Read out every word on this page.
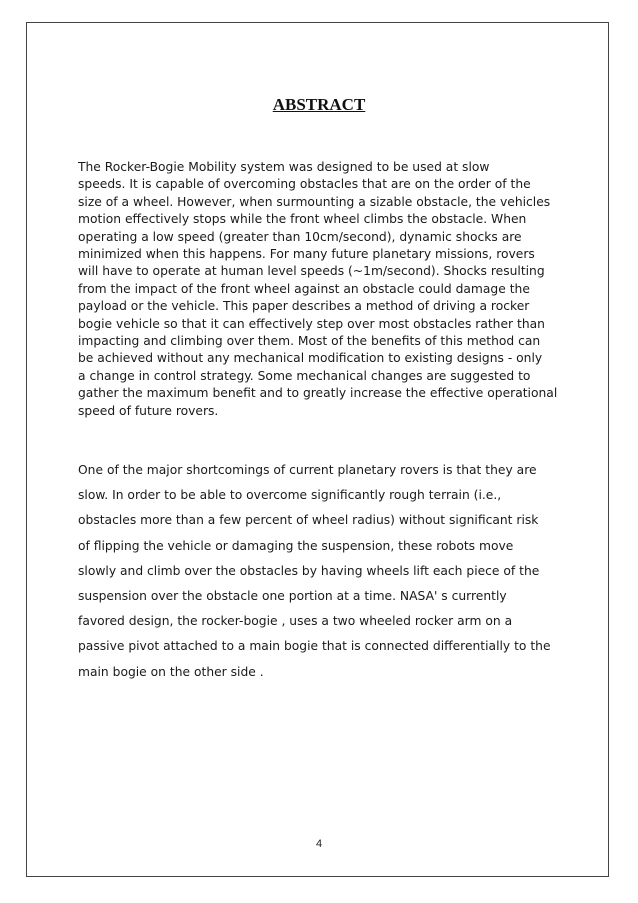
ABSTRACT
The Rocker-Bogie Mobility system was designed to be used at slow
speeds. It is capable of overcoming obstacles that are on the order of the
size of a wheel. However, when surmounting a sizable obstacle, the vehicles
motion effectively stops while the front wheel climbs the obstacle. When
operating a low speed (greater than 10cm/second), dynamic shocks are
minimized when this happens. For many future planetary missions, rovers
will have to operate at human level speeds (~1m/second). Shocks resulting
from the impact of the front wheel against an obstacle could damage the
payload or the vehicle. This paper describes a method of driving a rocker
bogie vehicle so that it can effectively step over most obstacles rather than
impacting and climbing over them. Most of the benefits of this method can
be achieved without any mechanical modification to existing designs - only
a change in control strategy. Some mechanical changes are suggested to
gather the maximum benefit and to greatly increase the effective operational
speed of future rovers.
One of the major shortcomings of current planetary rovers is that they are
slow. In order to be able to overcome significantly rough terrain (i.e.,
obstacles more than a few percent of wheel radius) without significant risk
of flipping the vehicle or damaging the suspension, these robots move
slowly and climb over the obstacles by having wheels lift each piece of the
suspension over the obstacle one portion at a time. NASA' s currently
favored design, the rocker-bogie , uses a two wheeled rocker arm on a
passive pivot attached to a main bogie that is connected differentially to the
main bogie on the other side .
4
